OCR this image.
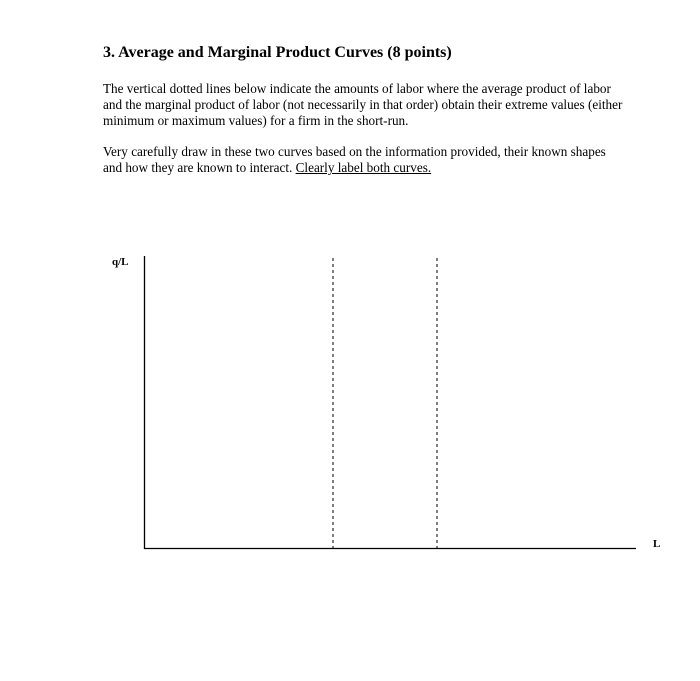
3. Average and Marginal Product Curves (8 points)

The vertical dotted lines below indicate the amounts of labor where the average product of labor and the marginal product of labor (not necessarily in that order) obtain their extreme values (either minimum or maximum values) for a firm in the short-run.

Very carefully draw in these two curves based on the information provided, their known shapes and how they are known to interact. Clearly label both curves.

q/L
L
